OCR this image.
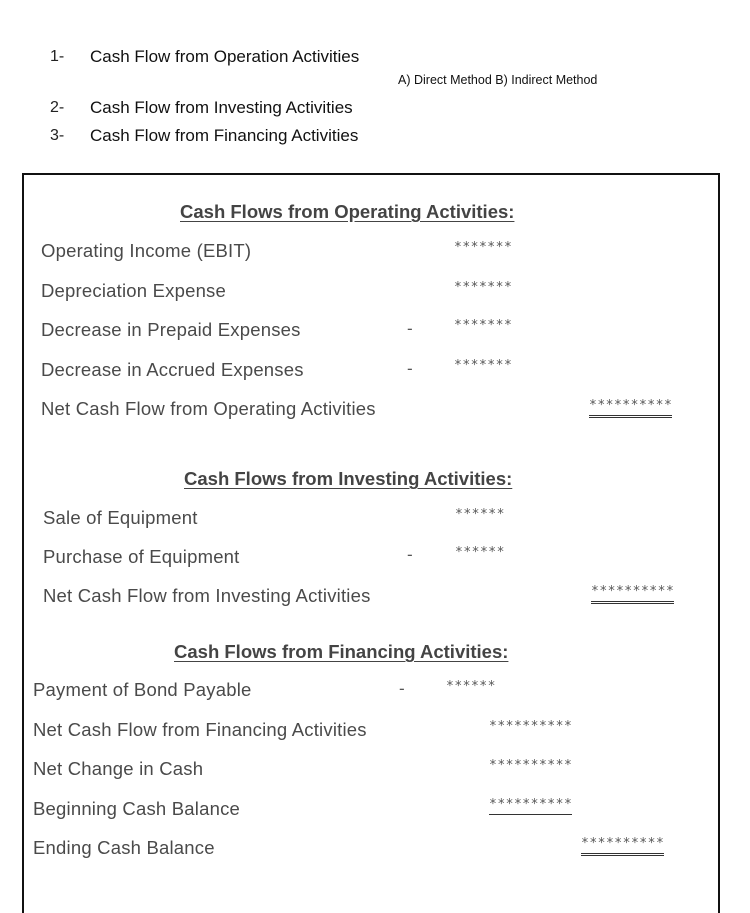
1- Cash Flow from Operation Activities
A) Direct Method B) Indirect Method
2- Cash Flow from Investing Activities
3- Cash Flow from Financing Activities
Cash Flows from Operating Activities:
Operating Income (EBIT)	*******
Depreciation Expense	*******
Decrease in Prepaid Expenses	-	*******
Decrease in Accrued Expenses	-	*******
Net Cash Flow from Operating Activities	**********
Cash Flows from Investing Activities:
Sale of Equipment	******
Purchase of Equipment	-	******
Net Cash Flow from Investing Activities	**********
Cash Flows from Financing Activities:
Payment of Bond Payable	-	******
Net Cash Flow from Financing Activities	**********
Net Change in Cash	**********
Beginning Cash Balance	**********
Ending Cash Balance	**********
